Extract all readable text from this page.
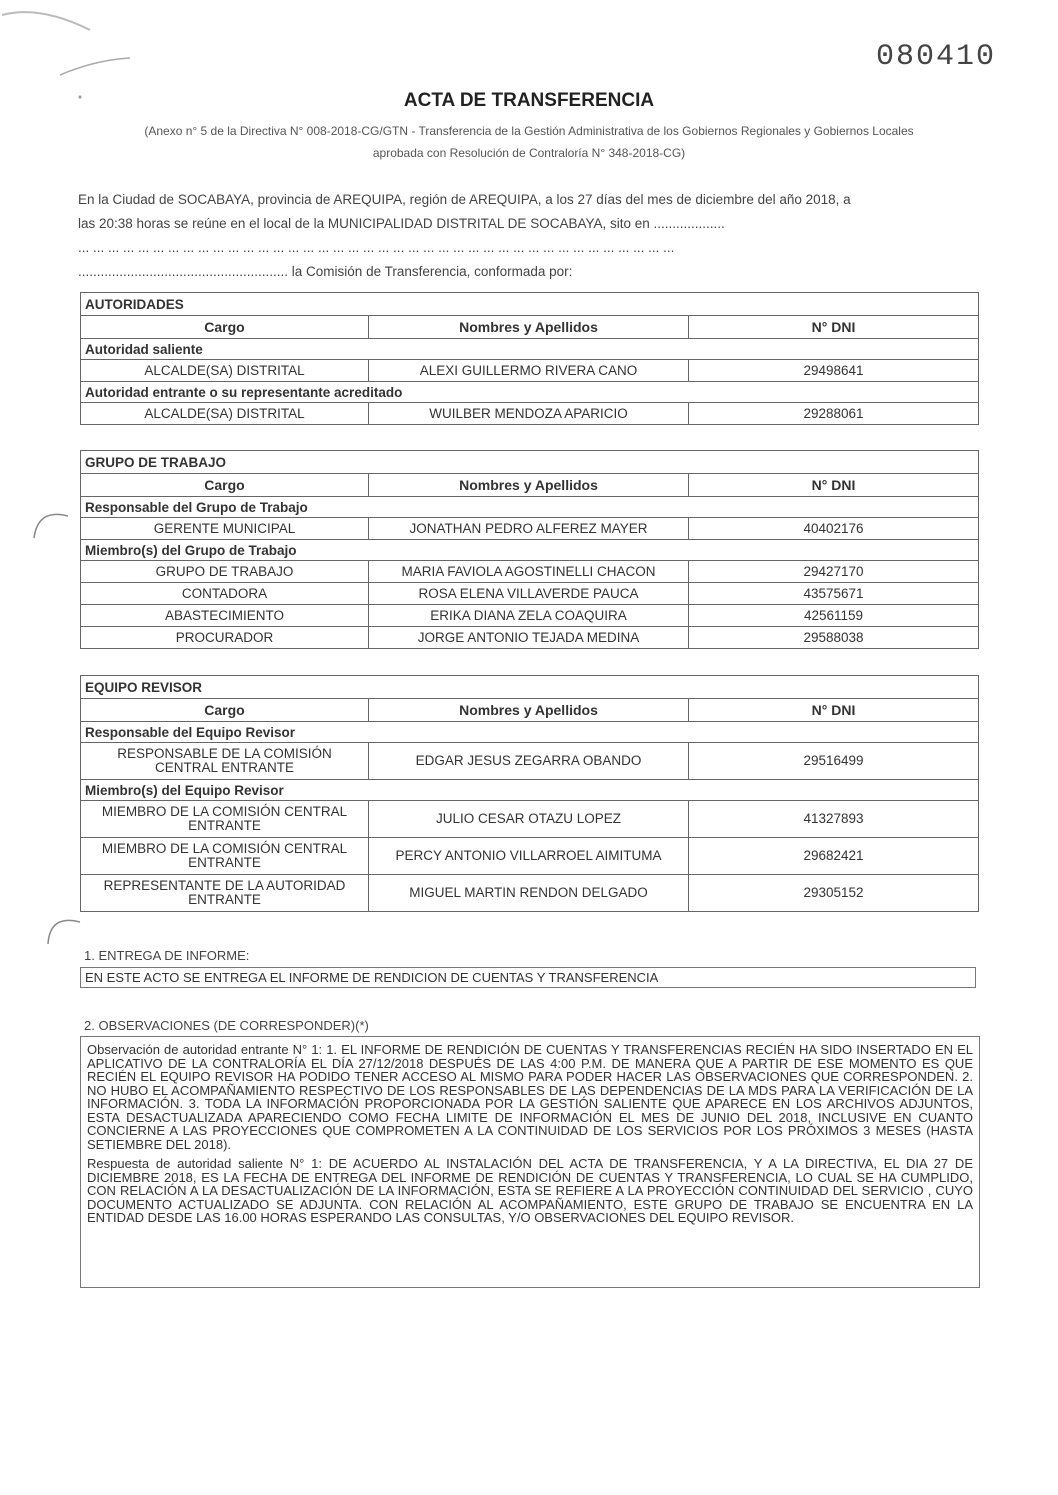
080410
ACTA DE TRANSFERENCIA
(Anexo n° 5 de la Directiva N° 008-2018-CG/GTN - Transferencia de la Gestión Administrativa de los Gobiernos Regionales y Gobiernos Locales
aprobada con Resolución de Contraloría N° 348-2018-CG)

En la Ciudad de SOCABAYA, provincia de AREQUIPA, región de AREQUIPA, a los 27 días del mes de diciembre del año 2018, a

las 20:38 horas se reúne en el local de la MUNICIPALIDAD DISTRITAL DE SOCABAYA, sito en ...................

... ... ... ... ... ... ... ... ... ... ... ... ... ... ... ... ... ... ... ... ... ... ... ... ... ... ... ... ... ... ... ... ... ... ... ... ... ... ... ...

........................................................ la Comisión de Transferencia, conformada por:

AUTORIDADES		
Cargo	Nombres y Apellidos	N° DNI
Autoridad saliente		
ALCALDE(SA) DISTRITAL	ALEXI GUILLERMO RIVERA CANO	29498641
Autoridad entrante o su representante acreditado		
ALCALDE(SA) DISTRITAL	WUILBER MENDOZA APARICIO	29288061
GRUPO DE TRABAJO		
Cargo	Nombres y Apellidos	N° DNI
Responsable del Grupo de Trabajo		
GERENTE MUNICIPAL	JONATHAN PEDRO ALFEREZ MAYER	40402176
Miembro(s) del Grupo de Trabajo		
GRUPO DE TRABAJO	MARIA FAVIOLA AGOSTINELLI CHACON	29427170
CONTADORA	ROSA ELENA VILLAVERDE PAUCA	43575671
ABASTECIMIENTO	ERIKA DIANA ZELA COAQUIRA	42561159
PROCURADOR	JORGE ANTONIO TEJADA MEDINA	29588038
EQUIPO REVISOR		
Cargo	Nombres y Apellidos	N° DNI
Responsable del Equipo Revisor		
RESPONSABLE DE LA COMISIÓN CENTRAL ENTRANTE	EDGAR JESUS ZEGARRA OBANDO	29516499
Miembro(s) del Equipo Revisor		
MIEMBRO DE LA COMISIÓN CENTRAL ENTRANTE	JULIO CESAR OTAZU LOPEZ	41327893
MIEMBRO DE LA COMISIÓN CENTRAL ENTRANTE	PERCY ANTONIO VILLARROEL AIMITUMA	29682421
REPRESENTANTE DE LA AUTORIDAD ENTRANTE	MIGUEL MARTIN RENDON DELGADO	29305152
1. ENTREGA DE INFORME:
EN ESTE ACTO SE ENTREGA EL INFORME DE RENDICION DE CUENTAS Y TRANSFERENCIA
2. OBSERVACIONES (DE CORRESPONDER)(*)

Observación de autoridad entrante N° 1: 1. EL INFORME DE RENDICIÓN DE CUENTAS Y TRANSFERENCIAS RECIÉN HA SIDO INSERTADO EN EL APLICATIVO DE LA CONTRALORÍA EL DÍA 27/12/2018 DESPUÉS DE LAS 4:00 P.M. DE MANERA QUE A PARTIR DE ESE MOMENTO ES QUE RECIÉN EL EQUIPO REVISOR HA PODIDO TENER ACCESO AL MISMO PARA PODER HACER LAS OBSERVACIONES QUE CORRESPONDEN. 2. NO HUBO EL ACOMPAÑAMIENTO RESPECTIVO DE LOS RESPONSABLES DE LAS DEPENDENCIAS DE LA MDS PARA LA VERIFICACIÓN DE LA INFORMACIÓN. 3. TODA LA INFORMACIÓN PROPORCIONADA POR LA GESTIÓN SALIENTE QUE APARECE EN LOS ARCHIVOS ADJUNTOS, ESTA DESACTUALIZADA APARECIENDO COMO FECHA LIMITE DE INFORMACIÓN EL MES DE JUNIO DEL 2018, INCLUSIVE EN CUANTO CONCIERNE A LAS PROYECCIONES QUE COMPROMETEN A LA CONTINUIDAD DE LOS SERVICIOS POR LOS PRÓXIMOS 3 MESES (HASTA SETIEMBRE DEL 2018).

Respuesta de autoridad saliente N° 1: DE ACUERDO AL INSTALACIÓN DEL ACTA DE TRANSFERENCIA, Y A LA DIRECTIVA, EL DIA 27 DE DICIEMBRE 2018, ES LA FECHA DE ENTREGA DEL INFORME DE RENDICIÓN DE CUENTAS Y TRANSFERENCIA, LO CUAL SE HA CUMPLIDO, CON RELACIÓN A LA DESACTUALIZACIÓN DE LA INFORMACIÓN, ESTA SE REFIERE A LA PROYECCIÓN CONTINUIDAD DEL SERVICIO , CUYO DOCUMENTO ACTUALIZADO SE ADJUNTA. CON RELACIÓN AL ACOMPAÑAMIENTO, ESTE GRUPO DE TRABAJO SE ENCUENTRA EN LA ENTIDAD DESDE LAS 16.00 HORAS ESPERANDO LAS CONSULTAS, Y/O OBSERVACIONES DEL EQUIPO REVISOR.
